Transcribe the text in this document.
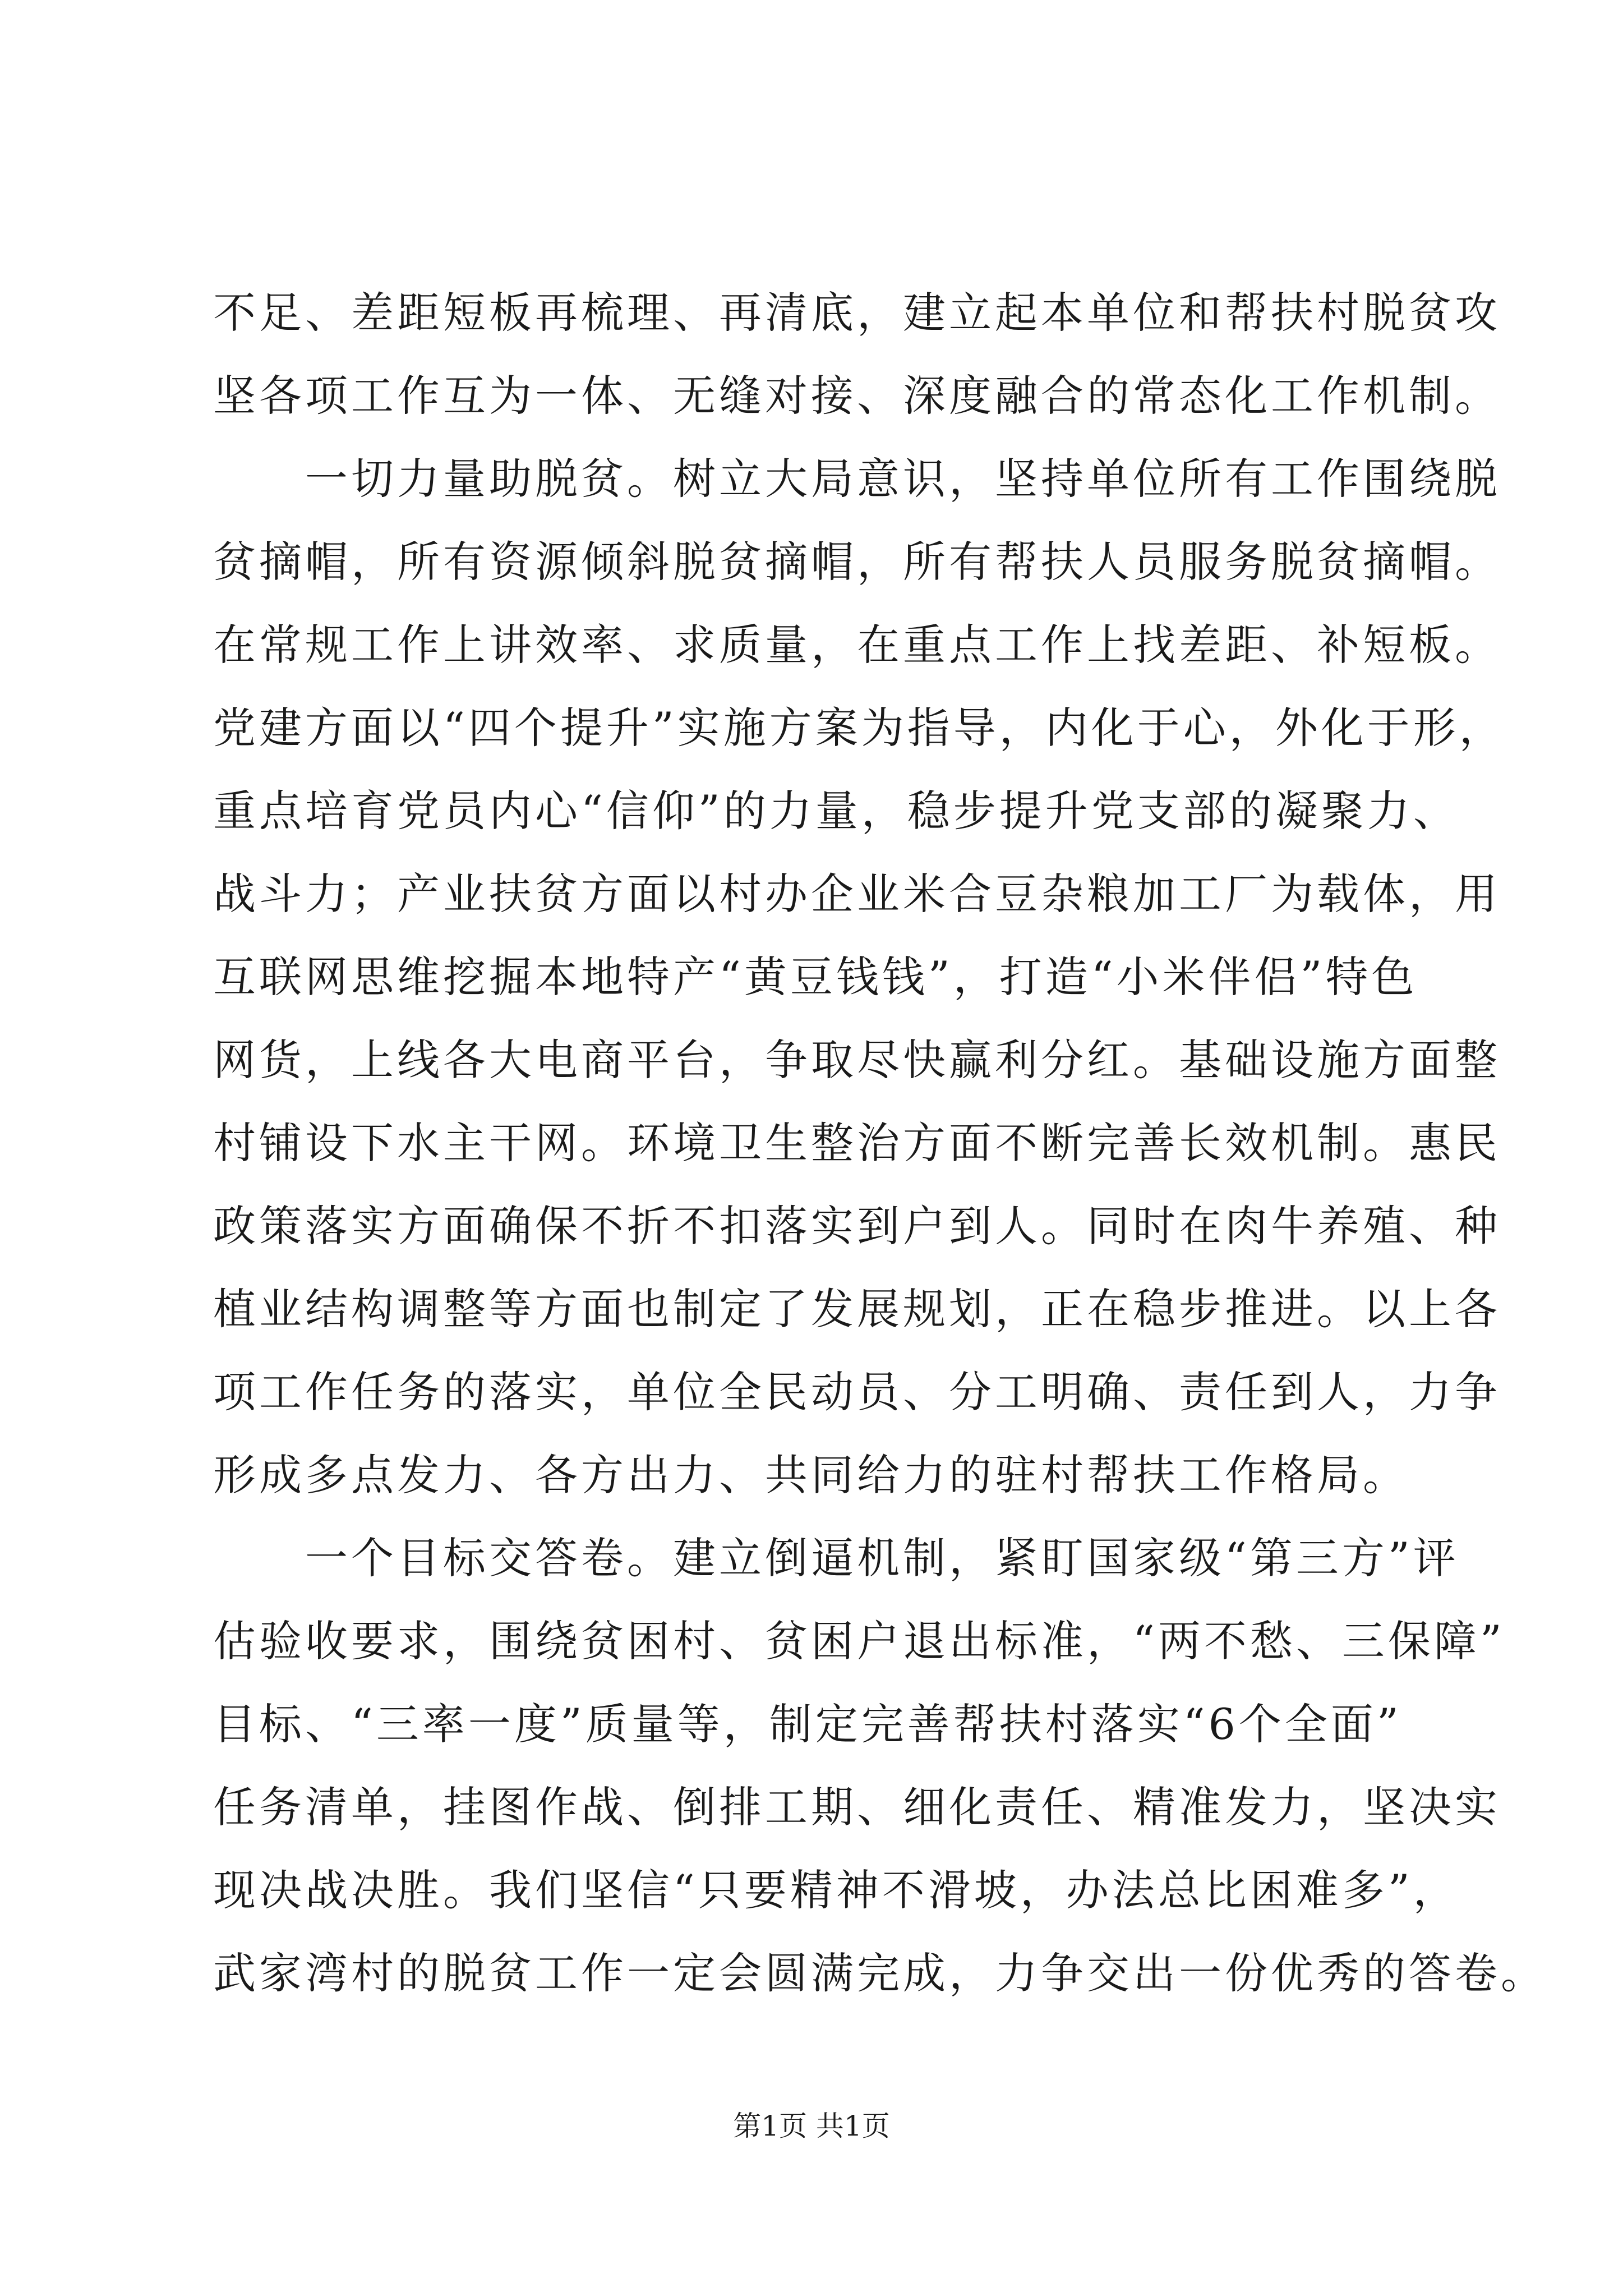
不足、差距短板再梳理、再清底，建立起本单位和帮扶村脱贫攻
坚各项工作互为一体、无缝对接、深度融合的常态化工作机制。
　　一切力量助脱贫。树立大局意识，坚持单位所有工作围绕脱
贫摘帽，所有资源倾斜脱贫摘帽，所有帮扶人员服务脱贫摘帽。
在常规工作上讲效率、求质量，在重点工作上找差距、补短板。
党建方面以“四个提升”实施方案为指导，内化于心，外化于形，
重点培育党员内心“信仰”的力量，稳步提升党支部的凝聚力、
战斗力；产业扶贫方面以村办企业米合豆杂粮加工厂为载体，用
互联网思维挖掘本地特产“黄豆钱钱”，打造“小米伴侣”特色
网货，上线各大电商平台，争取尽快赢利分红。基础设施方面整
村铺设下水主干网。环境卫生整治方面不断完善长效机制。惠民
政策落实方面确保不折不扣落实到户到人。同时在肉牛养殖、种
植业结构调整等方面也制定了发展规划，正在稳步推进。以上各
项工作任务的落实，单位全民动员、分工明确、责任到人，力争
形成多点发力、各方出力、共同给力的驻村帮扶工作格局。
　　一个目标交答卷。建立倒逼机制，紧盯国家级“第三方”评
估验收要求，围绕贫困村、贫困户退出标准，“两不愁、三保障”
目标、“三率一度”质量等，制定完善帮扶村落实“6个全面”
任务清单，挂图作战、倒排工期、细化责任、精准发力，坚决实
现决战决胜。我们坚信“只要精神不滑坡，办法总比困难多”，
武家湾村的脱贫工作一定会圆满完成，力争交出一份优秀的答卷。
第1页 共1页
